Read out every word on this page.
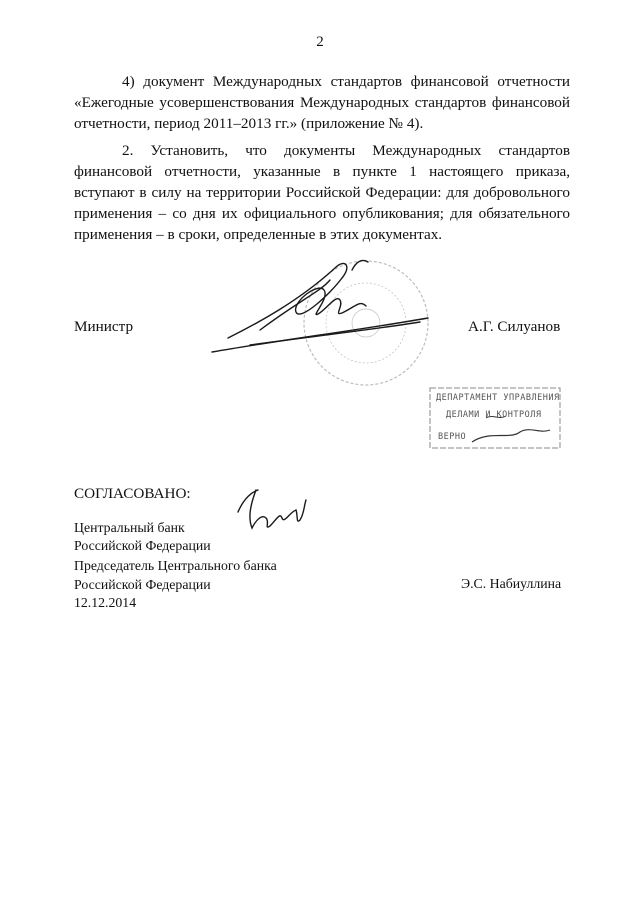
2
4) документ Международных стандартов финансовой отчетности «Ежегодные усовершенствования Международных стандартов финансовой отчетности, период 2011–2013 гг.» (приложение № 4).
2. Установить, что документы Международных стандартов финансовой отчетности, указанные в пункте 1 настоящего приказа, вступают в силу на территории Российской Федерации: для добровольного применения – со дня их официального опубликования; для обязательного применения – в сроки, определенные в этих документах.
Министр	А.Г. Силуанов
ДЕПАРТАМЕНТ УПРАВЛЕНИЯ
ДЕЛАМИ И КОНТРОЛЯ
ВЕРНО
СОГЛАСОВАНО:
Центральный банк
Российской Федерации
Председатель Центрального банка
Российской Федерации
12.12.2014
Э.С. Набиуллина
